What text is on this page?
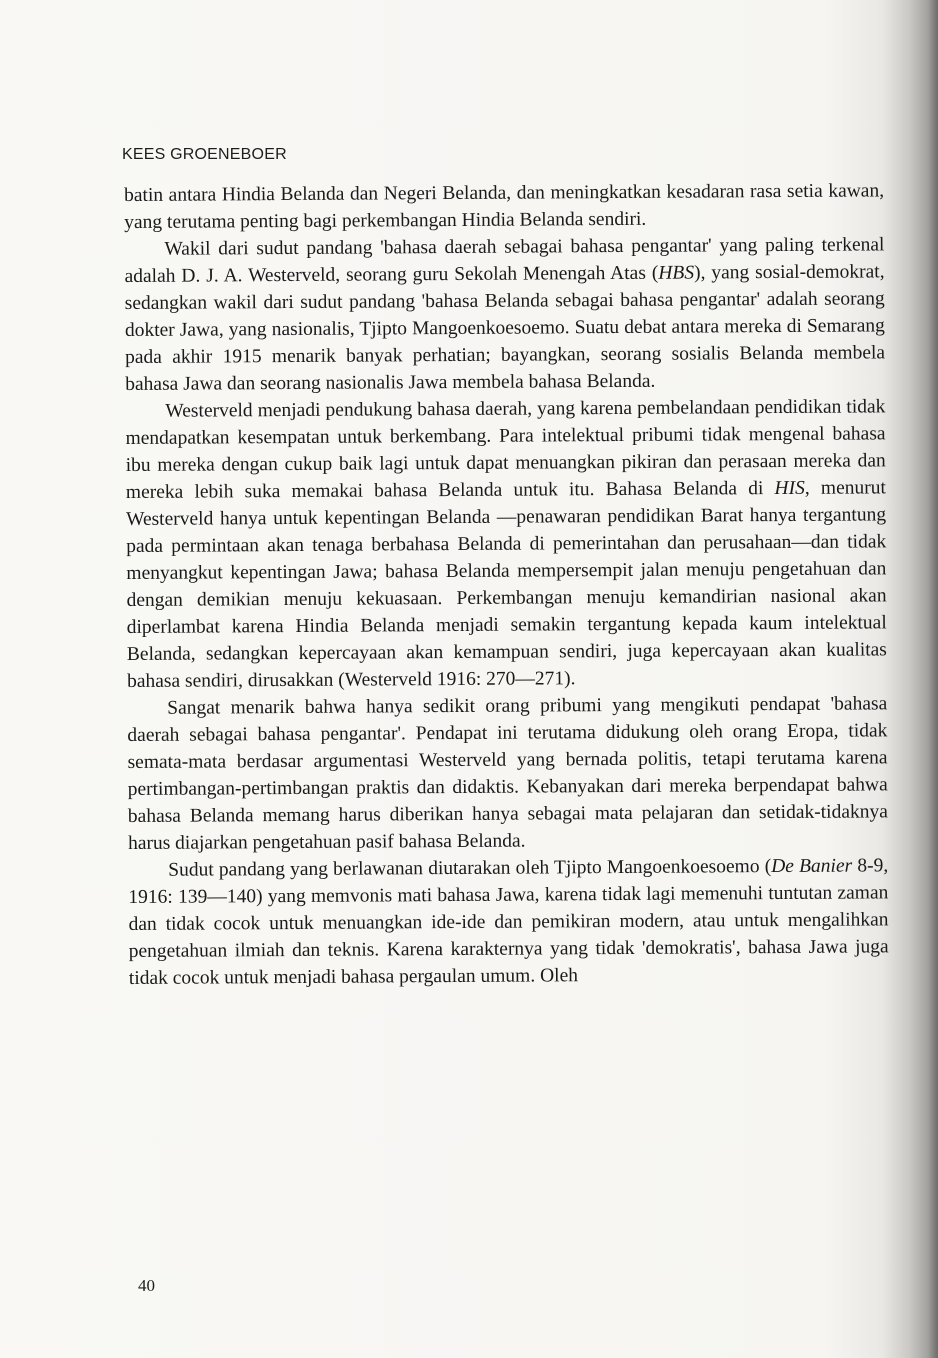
KEES GROENEBOER

batin antara Hindia Belanda dan Negeri Belanda, dan meningkatkan kesadaran rasa setia kawan, yang terutama penting bagi perkembangan Hindia Belanda sendiri.

Wakil dari sudut pandang 'bahasa daerah sebagai bahasa pengantar' yang paling terkenal adalah D. J. A. Westerveld, seorang guru Sekolah Menengah Atas (HBS), yang sosial-demokrat, sedangkan wakil dari sudut pandang 'bahasa Belanda sebagai bahasa pengantar' adalah seorang dokter Jawa, yang nasionalis, Tjipto Mangoenkoesoemo. Suatu debat antara mereka di Semarang pada akhir 1915 menarik banyak perhatian; bayangkan, seorang sosialis Belanda membela bahasa Jawa dan seorang nasionalis Jawa membela bahasa Belanda.

Westerveld menjadi pendukung bahasa daerah, yang karena pembelandaan pendidikan tidak mendapatkan kesempatan untuk berkembang. Para intelektual pribumi tidak mengenal bahasa ibu mereka dengan cukup baik lagi untuk dapat menuangkan pikiran dan perasaan mereka dan mereka lebih suka memakai bahasa Belanda untuk itu. Bahasa Belanda di HIS, menurut Westerveld hanya untuk kepentingan Belanda —penawaran pendidikan Barat hanya tergantung pada permintaan akan tenaga berbahasa Belanda di pemerintahan dan perusahaan—dan tidak menyangkut kepentingan Jawa; bahasa Belanda mempersempit jalan menuju pengetahuan dan dengan demikian menuju kekuasaan. Perkembangan menuju kemandirian nasional akan diperlambat karena Hindia Belanda menjadi semakin tergantung kepada kaum intelektual Belanda, sedangkan kepercayaan akan kemampuan sendiri, juga kepercayaan akan kualitas bahasa sendiri, dirusakkan (Westerveld 1916: 270—271).

Sangat menarik bahwa hanya sedikit orang pribumi yang mengikuti pendapat 'bahasa daerah sebagai bahasa pengantar'. Pendapat ini terutama didukung oleh orang Eropa, tidak semata-mata berdasar argumentasi Westerveld yang bernada politis, tetapi terutama karena pertimbangan-pertimbangan praktis dan didaktis. Kebanyakan dari mereka berpendapat bahwa bahasa Belanda memang harus diberikan hanya sebagai mata pelajaran dan setidak-tidaknya harus diajarkan pengetahuan pasif bahasa Belanda.

Sudut pandang yang berlawanan diutarakan oleh Tjipto Mangoenkoesoemo (De Banier 8-9, 1916: 139—140) yang memvonis mati bahasa Jawa, karena tidak lagi memenuhi tuntutan zaman dan tidak cocok untuk menuangkan ide-ide dan pemikiran modern, atau untuk mengalihkan pengetahuan ilmiah dan teknis. Karena karakternya yang tidak 'demokratis', bahasa Jawa juga tidak cocok untuk menjadi bahasa pergaulan umum. Oleh

40
